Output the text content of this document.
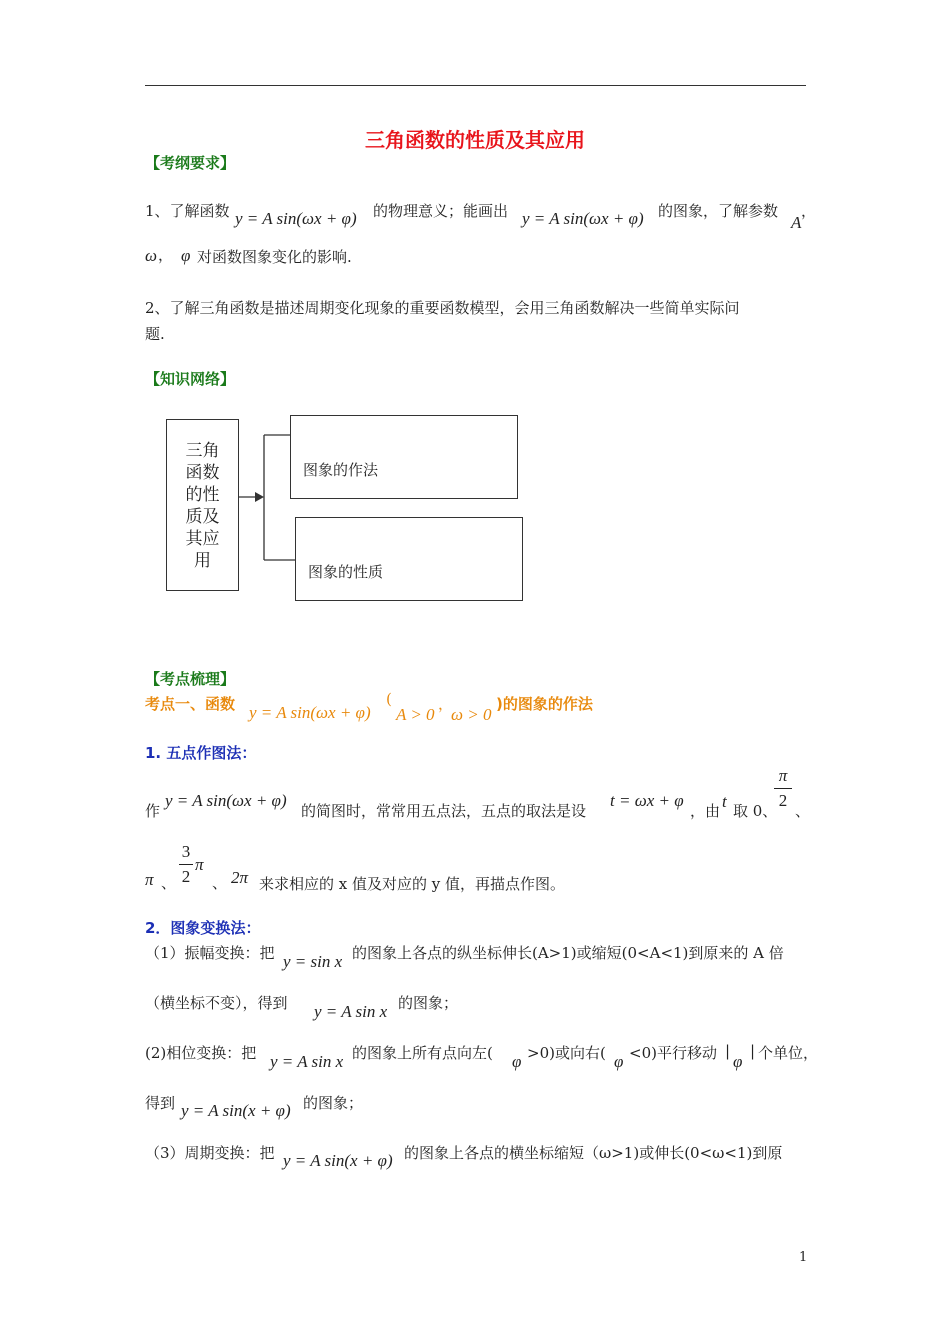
三角函数的性质及其应用
【考纲要求】
1、了解函数 y = A sin(ωx + φ) 的物理意义；能画出 y = A sin(ωx + φ) 的图象，了解参数
A
，
ω ， φ 对函数图象变化的影响.
2、了解三角函数是描述周期变化现象的重要函数模型，会用三角函数解决一些简单实际问
题.
【知识网络】
三角
函数
的性
质及
其应
用
图象的作法
图象的性质
【考点梳理】
考点一、函数 y = A sin(ωx + φ)
(
A > 0
，
ω > 0
)的图象的作法
1. 五点作图法：
作
y = A sin(ωx + φ)
的简图时，常常用五点法，五点的取法是设
t = ωx + φ
，由 t 取 0、
π
2
、
π 、
3
2
π
、 2π 来求相应的 x 值及对应的 y 值，再描点作图。
2．图象变换法：
（1）振幅变换：把 y = sin x 的图象上各点的纵坐标伸长(A>1)或缩短(0<A<1)到原来的 A 倍
（横坐标不变），得到 y = A sin x 的图象；
(2)相位变换：把 y = A sin x 的图象上所有点向左( φ >0)或向右( φ <0)平行移动 |
φ
| 个单位，
得到 y = A sin(x + φ) 的图象；
（3）周期变换：把 y = A sin(x + φ) 的图象上各点的横坐标缩短（ω>1)或伸长(0<ω<1)到原
1
